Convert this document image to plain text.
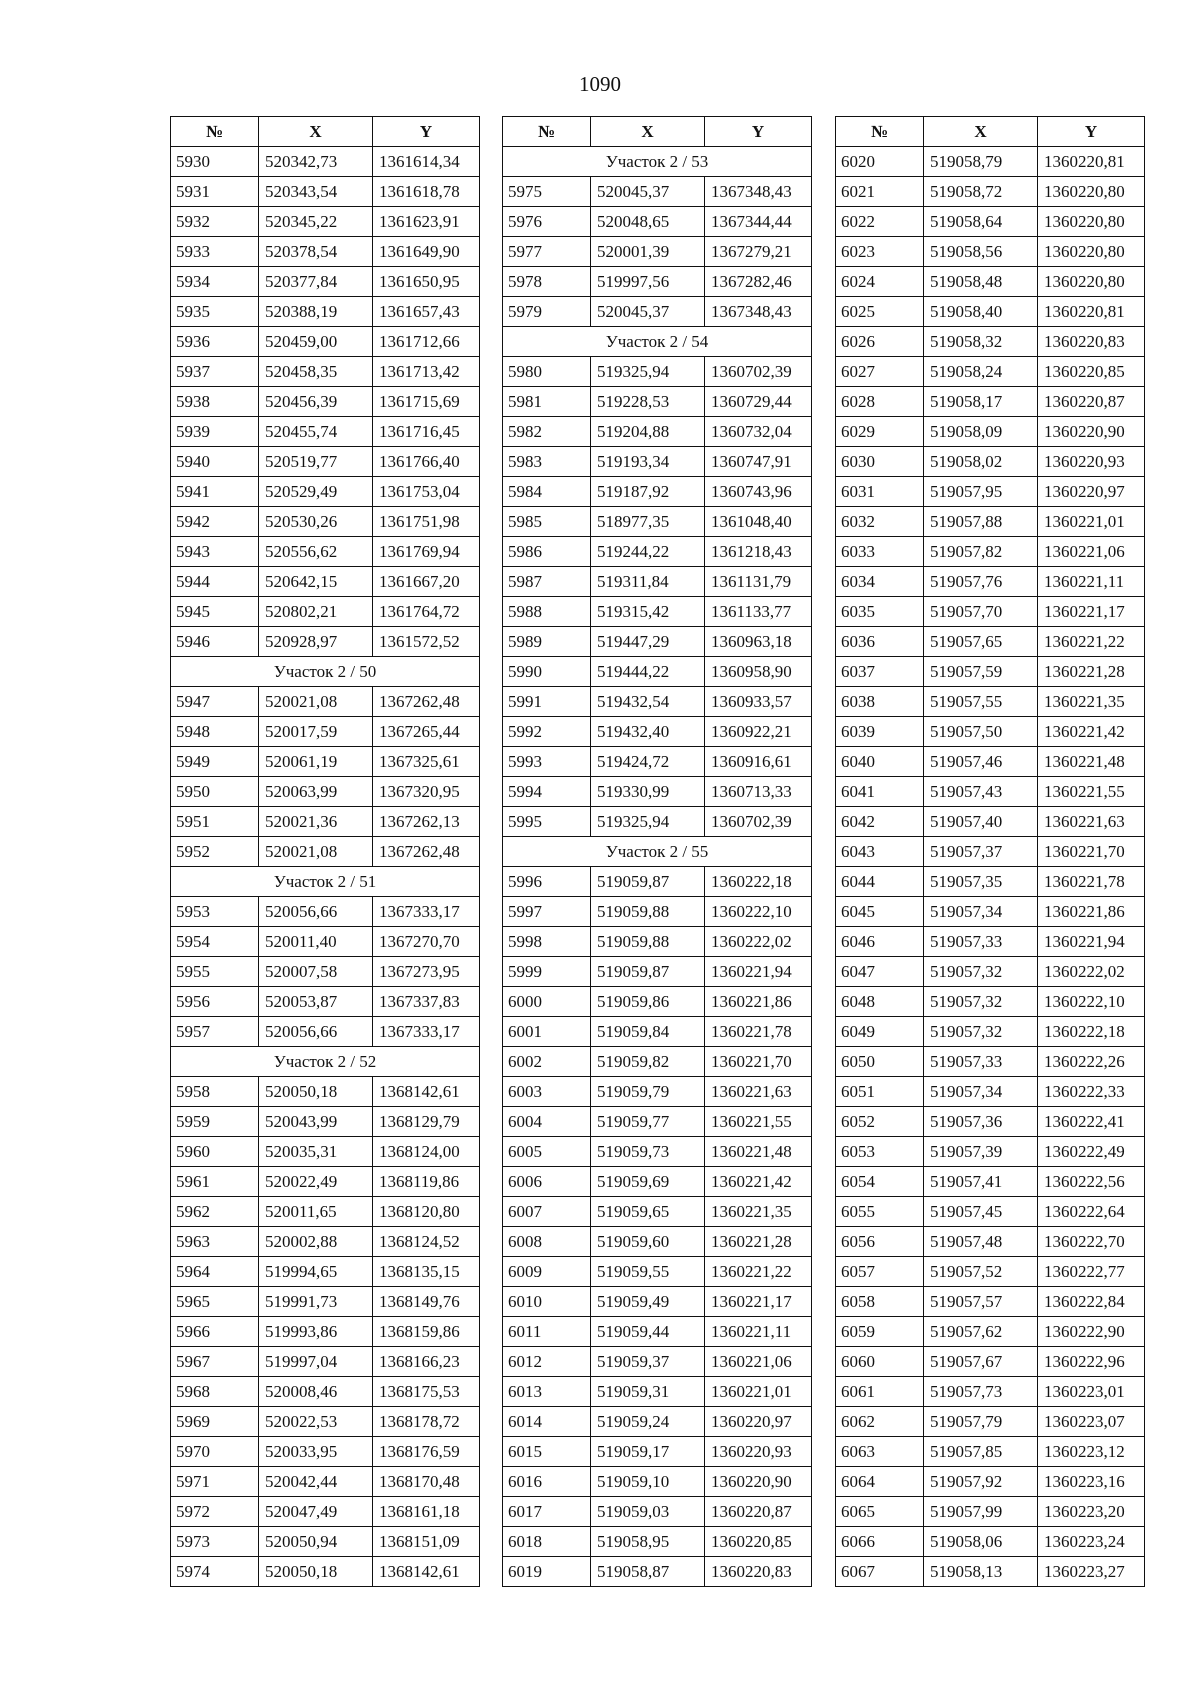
1090
№	X	Y
5930	520342,73	1361614,34
5931	520343,54	1361618,78
5932	520345,22	1361623,91
5933	520378,54	1361649,90
5934	520377,84	1361650,95
5935	520388,19	1361657,43
5936	520459,00	1361712,66
5937	520458,35	1361713,42
5938	520456,39	1361715,69
5939	520455,74	1361716,45
5940	520519,77	1361766,40
5941	520529,49	1361753,04
5942	520530,26	1361751,98
5943	520556,62	1361769,94
5944	520642,15	1361667,20
5945	520802,21	1361764,72
5946	520928,97	1361572,52
Участок 2 / 50		
5947	520021,08	1367262,48
5948	520017,59	1367265,44
5949	520061,19	1367325,61
5950	520063,99	1367320,95
5951	520021,36	1367262,13
5952	520021,08	1367262,48
Участок 2 / 51		
5953	520056,66	1367333,17
5954	520011,40	1367270,70
5955	520007,58	1367273,95
5956	520053,87	1367337,83
5957	520056,66	1367333,17
Участок 2 / 52		
5958	520050,18	1368142,61
5959	520043,99	1368129,79
5960	520035,31	1368124,00
5961	520022,49	1368119,86
5962	520011,65	1368120,80
5963	520002,88	1368124,52
5964	519994,65	1368135,15
5965	519991,73	1368149,76
5966	519993,86	1368159,86
5967	519997,04	1368166,23
5968	520008,46	1368175,53
5969	520022,53	1368178,72
5970	520033,95	1368176,59
5971	520042,44	1368170,48
5972	520047,49	1368161,18
5973	520050,94	1368151,09
5974	520050,18	1368142,61
№	X	Y
Участок 2 / 53		
5975	520045,37	1367348,43
5976	520048,65	1367344,44
5977	520001,39	1367279,21
5978	519997,56	1367282,46
5979	520045,37	1367348,43
Участок 2 / 54		
5980	519325,94	1360702,39
5981	519228,53	1360729,44
5982	519204,88	1360732,04
5983	519193,34	1360747,91
5984	519187,92	1360743,96
5985	518977,35	1361048,40
5986	519244,22	1361218,43
5987	519311,84	1361131,79
5988	519315,42	1361133,77
5989	519447,29	1360963,18
5990	519444,22	1360958,90
5991	519432,54	1360933,57
5992	519432,40	1360922,21
5993	519424,72	1360916,61
5994	519330,99	1360713,33
5995	519325,94	1360702,39
Участок 2 / 55		
5996	519059,87	1360222,18
5997	519059,88	1360222,10
5998	519059,88	1360222,02
5999	519059,87	1360221,94
6000	519059,86	1360221,86
6001	519059,84	1360221,78
6002	519059,82	1360221,70
6003	519059,79	1360221,63
6004	519059,77	1360221,55
6005	519059,73	1360221,48
6006	519059,69	1360221,42
6007	519059,65	1360221,35
6008	519059,60	1360221,28
6009	519059,55	1360221,22
6010	519059,49	1360221,17
6011	519059,44	1360221,11
6012	519059,37	1360221,06
6013	519059,31	1360221,01
6014	519059,24	1360220,97
6015	519059,17	1360220,93
6016	519059,10	1360220,90
6017	519059,03	1360220,87
6018	519058,95	1360220,85
6019	519058,87	1360220,83
№	X	Y
6020	519058,79	1360220,81
6021	519058,72	1360220,80
6022	519058,64	1360220,80
6023	519058,56	1360220,80
6024	519058,48	1360220,80
6025	519058,40	1360220,81
6026	519058,32	1360220,83
6027	519058,24	1360220,85
6028	519058,17	1360220,87
6029	519058,09	1360220,90
6030	519058,02	1360220,93
6031	519057,95	1360220,97
6032	519057,88	1360221,01
6033	519057,82	1360221,06
6034	519057,76	1360221,11
6035	519057,70	1360221,17
6036	519057,65	1360221,22
6037	519057,59	1360221,28
6038	519057,55	1360221,35
6039	519057,50	1360221,42
6040	519057,46	1360221,48
6041	519057,43	1360221,55
6042	519057,40	1360221,63
6043	519057,37	1360221,70
6044	519057,35	1360221,78
6045	519057,34	1360221,86
6046	519057,33	1360221,94
6047	519057,32	1360222,02
6048	519057,32	1360222,10
6049	519057,32	1360222,18
6050	519057,33	1360222,26
6051	519057,34	1360222,33
6052	519057,36	1360222,41
6053	519057,39	1360222,49
6054	519057,41	1360222,56
6055	519057,45	1360222,64
6056	519057,48	1360222,70
6057	519057,52	1360222,77
6058	519057,57	1360222,84
6059	519057,62	1360222,90
6060	519057,67	1360222,96
6061	519057,73	1360223,01
6062	519057,79	1360223,07
6063	519057,85	1360223,12
6064	519057,92	1360223,16
6065	519057,99	1360223,20
6066	519058,06	1360223,24
6067	519058,13	1360223,27
